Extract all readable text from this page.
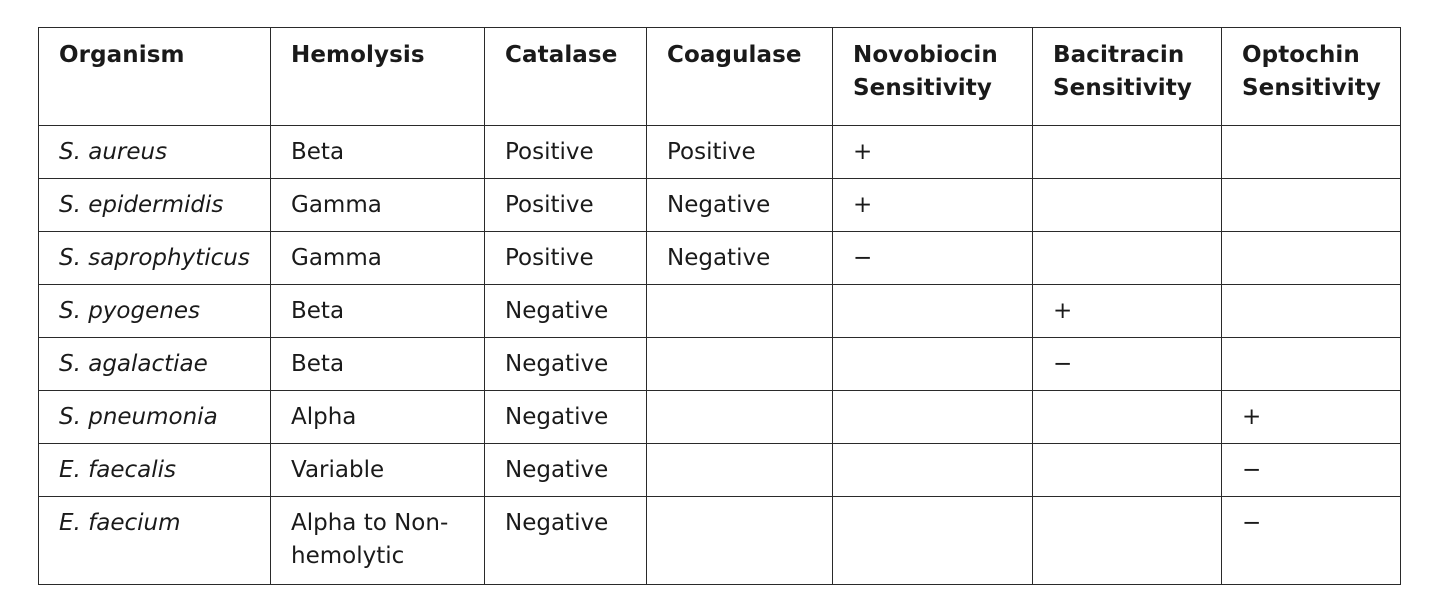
Organism	Hemolysis	Catalase	Coagulase	Novobiocin Sensitivity	Bacitracin Sensitivity	Optochin Sensitivity
S. aureus	Beta	Positive	Positive	+		
S. epidermidis	Gamma	Positive	Negative	+		
S. saprophyticus	Gamma	Positive	Negative	−		
S. pyogenes	Beta	Negative			+	
S. agalactiae	Beta	Negative			−	
S. pneumonia	Alpha	Negative				+
E. faecalis	Variable	Negative				−
E. faecium	Alpha to Non-hemolytic	Negative				−
